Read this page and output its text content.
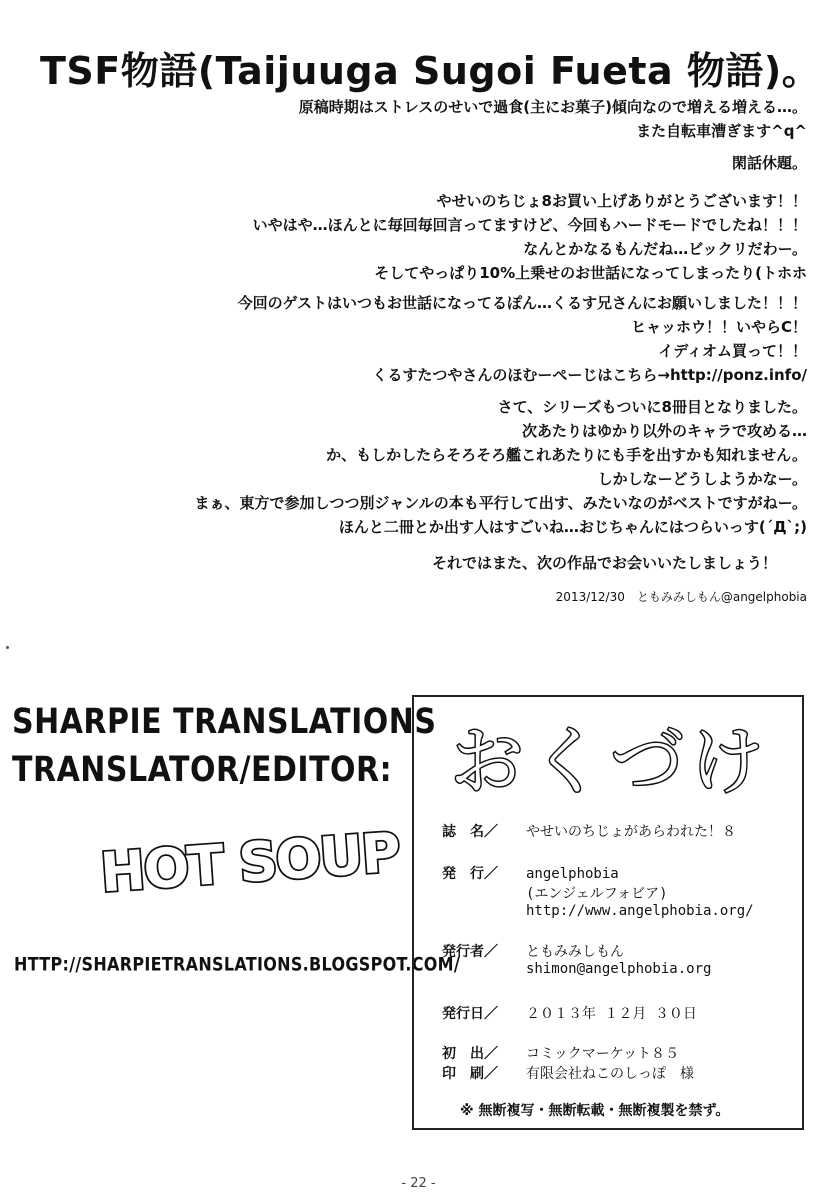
TSF物語(Taijuuga Sugoi Fueta 物語)。
原稿時期はストレスのせいで過食(主にお菓子)傾向なので増える増える…。
また自転車漕ぎます^q^
閑話休題。
やせいのちじょ8お買い上げありがとうございます！！
いやはや…ほんとに毎回毎回言ってますけど、今回もハードモードでしたね！！！
なんとかなるもんだね…ビックリだわー。
そしてやっぱり10%上乗せのお世話になってしまったり(トホホ
今回のゲストはいつもお世話になってるぽん…くるす兄さんにお願いしました！！！
ヒャッホウ！！いやらC！
イディオム買って！！
くるすたつやさんのほむーぺーじはこちら→http://ponz.info/
さて、シリーズもついに8冊目となりました。
次あたりはゆかり以外のキャラで攻める…
か、もしかしたらそろそろ艦これあたりにも手を出すかも知れません。
しかしなーどうしようかなー。
まぁ、東方で参加しつつ別ジャンルの本も平行して出す、みたいなのがベストですがねー。
ほんと二冊とか出す人はすごいね…おじちゃんにはつらいっす(´Д`;)
それではまた、次の作品でお会いいたしましょう！
2013/12/30　ともみみしもん@angelphobia
SHARPIE TRANSLATIONS
TRANSLATOR/EDITOR:
HOT SOUP
HTTP://SHARPIETRANSLATIONS.BLOGSPOT.COM/
おくづけ
誌　名／ やせいのちじょがあらわれた！８
発　行／ angelphobia
(エンジェルフォビア)
http://www.angelphobia.org/
発行者／ ともみみしもん
shimon@angelphobia.org
発行日／ ２０１３年 １２月 ３０日
初　出／ コミックマーケット８５
印　刷／ 有限会社ねこのしっぽ　様
※ 無断複写・無断転載・無断複製を禁ず。
- 22 -
